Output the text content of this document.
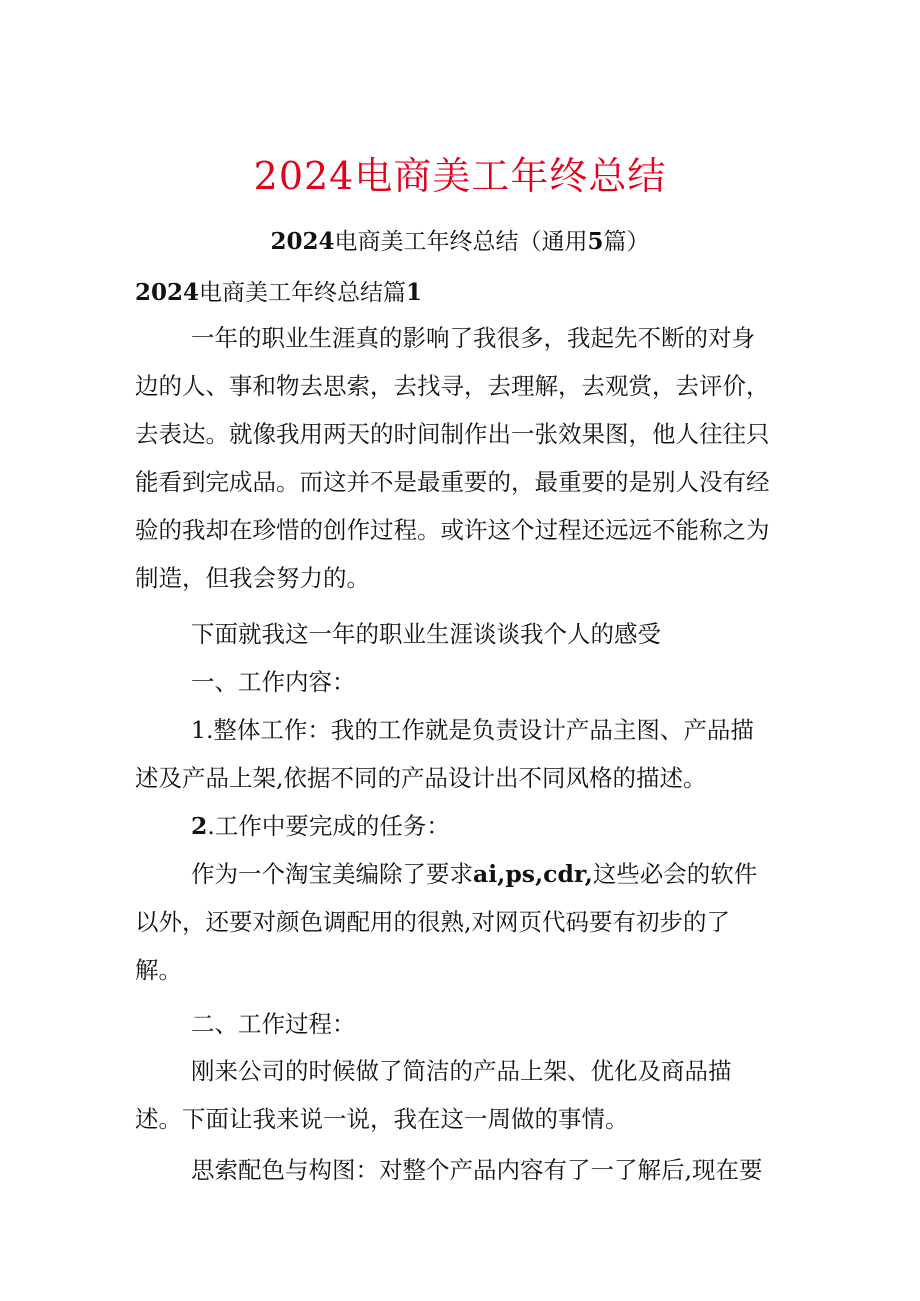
2024电商美工年终总结
2024电商美工年终总结（通用5篇）
2024电商美工年终总结篇1
一年的职业生涯真的影响了我很多，我起先不断的对身
边的人、事和物去思索，去找寻，去理解，去观赏，去评价，
去表达。就像我用两天的时间制作出一张效果图，他人往往只
能看到完成品。而这并不是最重要的，最重要的是别人没有经
验的我却在珍惜的创作过程。或许这个过程还远远不能称之为
制造，但我会努力的。
下面就我这一年的职业生涯谈谈我个人的感受
一、工作内容：
1.整体工作：我的工作就是负责设计产品主图、产品描
述及产品上架,依据不同的产品设计出不同风格的描述。
2.工作中要完成的任务：
作为一个淘宝美编除了要求ai,ps,cdr,这些必会的软件
以外，还要对颜色调配用的很熟,对网页代码要有初步的了
解。
二、工作过程：
刚来公司的时候做了简洁的产品上架、优化及商品描
述。下面让我来说一说，我在这一周做的事情。
思索配色与构图：对整个产品内容有了一了解后,现在要
